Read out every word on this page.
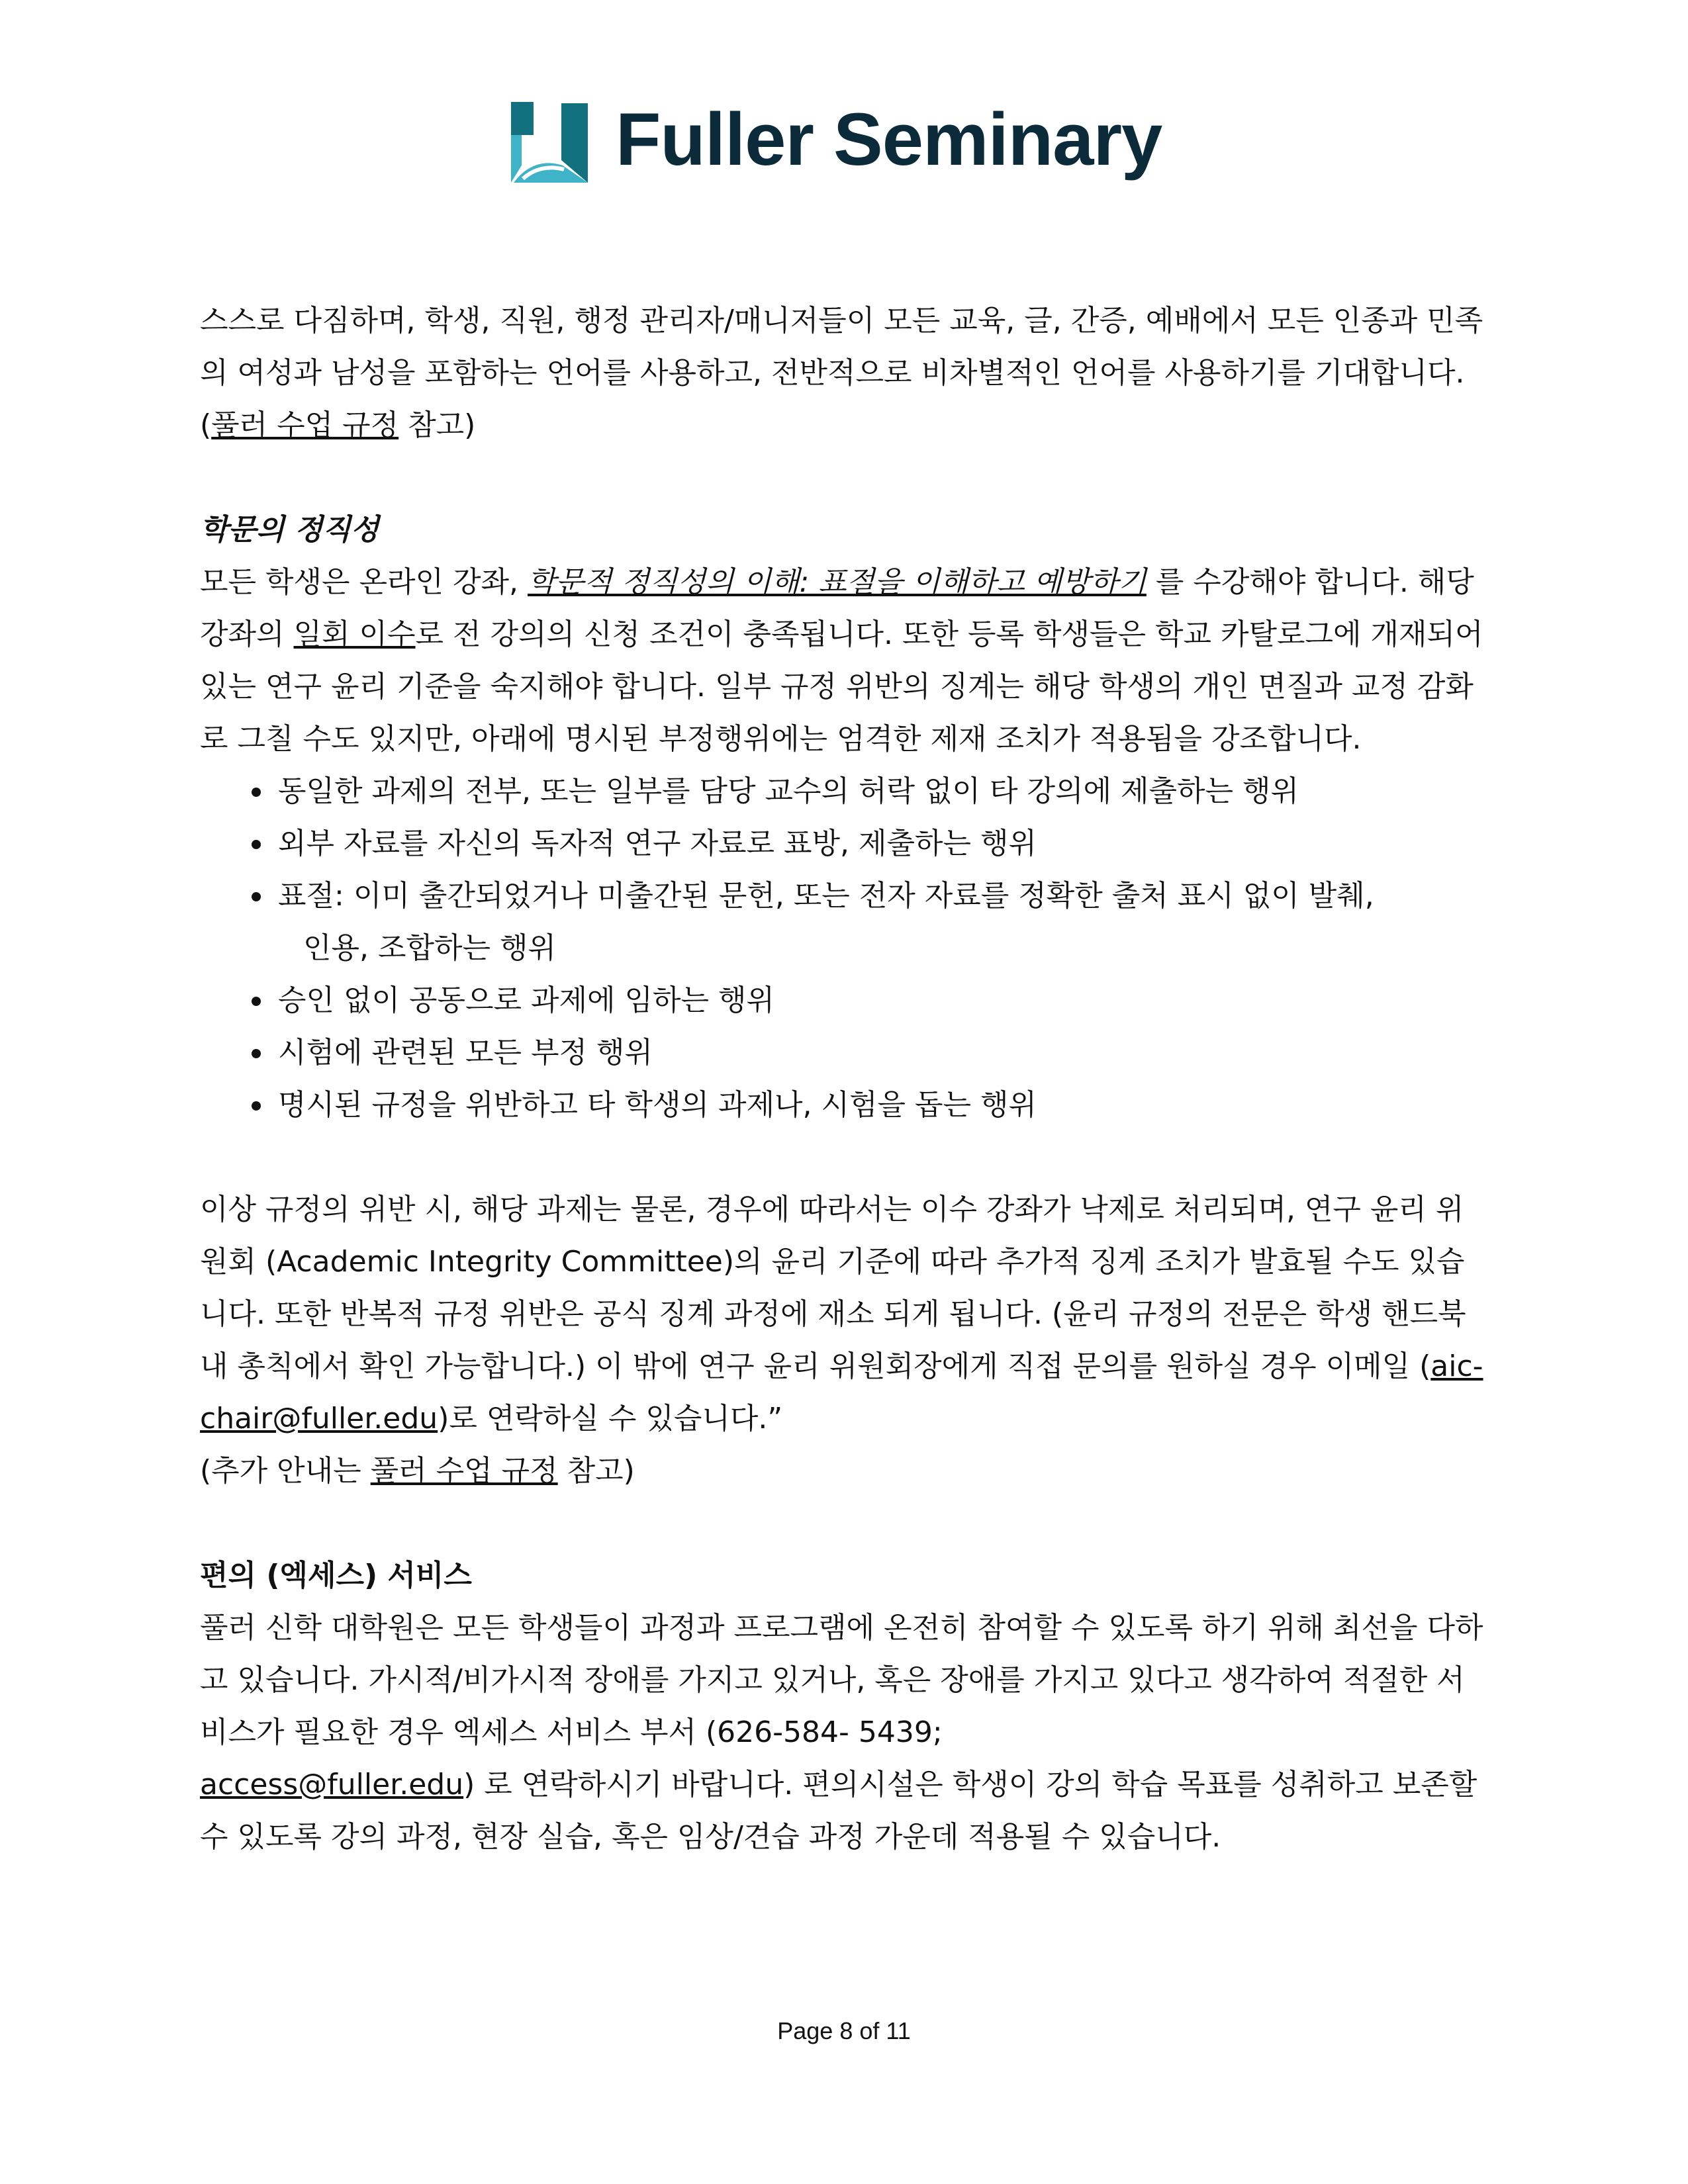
Fuller Seminary

스스로 다짐하며, 학생, 직원, 행정 관리자/매니저들이 모든 교육, 글, 간증, 예배에서 모든 인종과 민족의 여성과 남성을 포함하는 언어를 사용하고, 전반적으로 비차별적인 언어를 사용하기를 기대합니다. (풀러 수업 규정 참고)

학문의 정직성

모든 학생은 온라인 강좌, 학문적 정직성의 이해: 표절을 이해하고 예방하기 를 수강해야 합니다. 해당 강좌의 일회 이수로 전 강의의 신청 조건이 충족됩니다. 또한 등록 학생들은 학교 카탈로그에 개재되어 있는 연구 윤리 기준을 숙지해야 합니다. 일부 규정 위반의 징계는 해당 학생의 개인 면질과 교정 감화로 그칠 수도 있지만, 아래에 명시된 부정행위에는 엄격한 제재 조치가 적용됨을 강조합니다.

동일한 과제의 전부, 또는 일부를 담당 교수의 허락 없이 타 강의에 제출하는 행위
외부 자료를 자신의 독자적 연구 자료로 표방, 제출하는 행위
표절: 이미 출간되었거나 미출간된 문헌, 또는 전자 자료를 정확한 출처 표시 없이 발췌,
인용, 조합하는 행위
승인 없이 공동으로 과제에 임하는 행위
시험에 관련된 모든 부정 행위
명시된 규정을 위반하고 타 학생의 과제나, 시험을 돕는 행위

이상 규정의 위반 시, 해당 과제는 물론, 경우에 따라서는 이수 강좌가 낙제로 처리되며, 연구 윤리 위원회 (Academic Integrity Committee)의 윤리 기준에 따라 추가적 징계 조치가 발효될 수도 있습니다. 또한 반복적 규정 위반은 공식 징계 과정에 재소 되게 됩니다. (윤리 규정의 전문은 학생 핸드북 내 총칙에서 확인 가능합니다.) 이 밖에 연구 윤리 위원회장에게 직접 문의를 원하실 경우 이메일 (aic-chair@fuller.edu)로 연락하실 수 있습니다.”

(추가 안내는 풀러 수업 규정 참고)

편의 (엑세스) 서비스

풀러 신학 대학원은 모든 학생들이 과정과 프로그램에 온전히 참여할 수 있도록 하기 위해 최선을 다하고 있습니다. 가시적/비가시적 장애를 가지고 있거나, 혹은 장애를 가지고 있다고 생각하여 적절한 서비스가 필요한 경우 엑세스 서비스 부서 (626-584- 5439;
access@fuller.edu) 로 연락하시기 바랍니다. 편의시설은 학생이 강의 학습 목표를 성취하고 보존할 수 있도록 강의 과정, 현장 실습, 혹은 임상/견습 과정 가운데 적용될 수 있습니다.

Page 8 of 11
